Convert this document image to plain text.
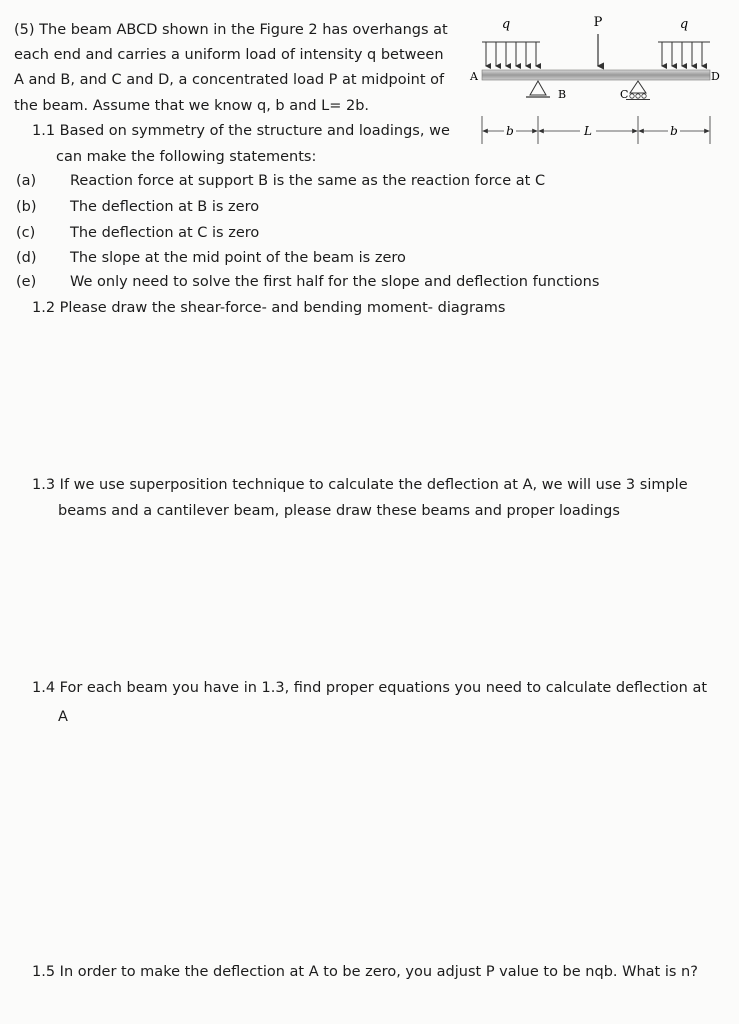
(5) The beam ABCD shown in the Figure 2 has overhangs at
each end and carries a uniform load of intensity q between
A and B, and C and D, a concentrated load P at midpoint of
the beam. Assume that we know q, b and L= 2b.
1.1 Based on symmetry of the structure and loadings, we
can make the following statements:
(a) Reaction force at support B is the same as the reaction force at C
(b) The deflection at B is zero
(c) The deflection at C is zero
(d) The slope at the mid point of the beam is zero
(e) We only need to solve the first half for the slope and deflection functions
1.2 Please draw the shear-force- and bending moment- diagrams
1.3 If we use superposition technique to calculate the deflection at A, we will use 3 simple
beams and a cantilever beam, please draw these beams and proper loadings
1.4 For each beam you have in 1.3, find proper equations you need to calculate deflection at
A
1.5 In order to make the deflection at A to be zero, you adjust P value to be nqb. What is n?
q	P	q
A	D
B	C
b	L	b
